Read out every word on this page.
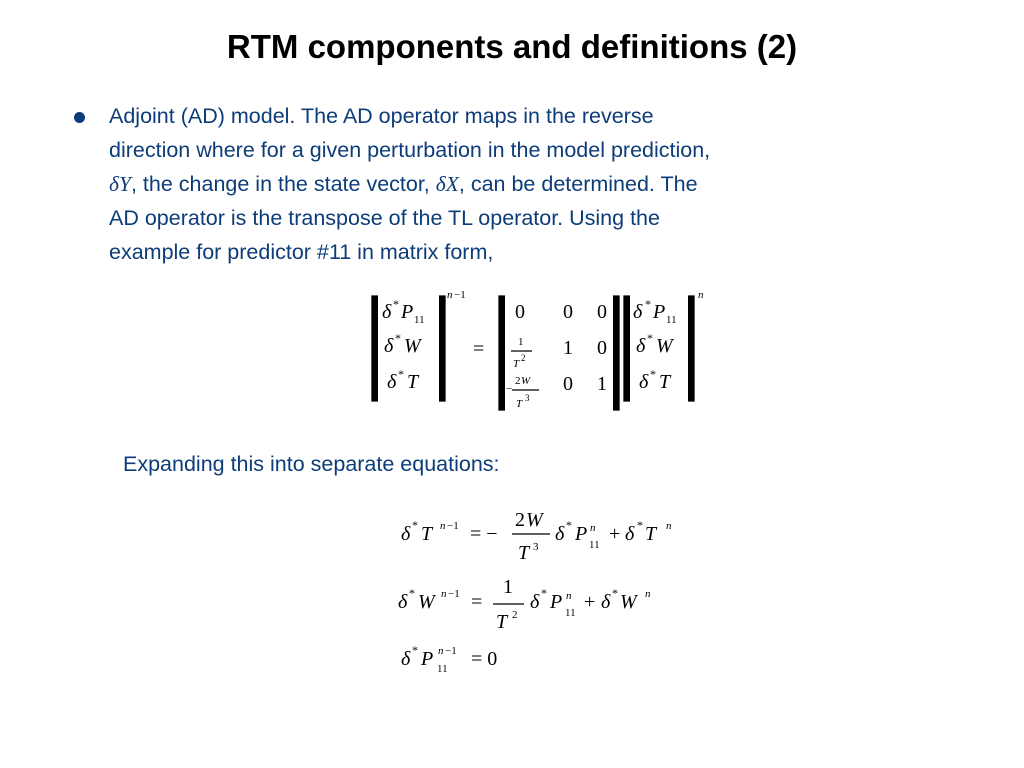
RTM components and definitions (2)

Adjoint (AD) model. The AD operator maps in the reverse

direction where for a given perturbation in the model prediction,

δY, the change in the state vector, δX, can be determined. The

AD operator is the transpose of the TL operator. Using the

example for predictor #11 in matrix form,

δ * P 11
δ * W
δ * T
n −1
=
0 0 0
1
T 2 1 0
−
2 W
T 3
0 1
δ * P 11
δ * W
δ * T
n
Expanding this into separate equations:
δ * T n −1 = −
2 W
T 3
δ * P n
11 + δ * T n
δ * W n −1 =
1
T 2
δ * P n
11 + δ * W n
δ * P n −1
11 = 0
